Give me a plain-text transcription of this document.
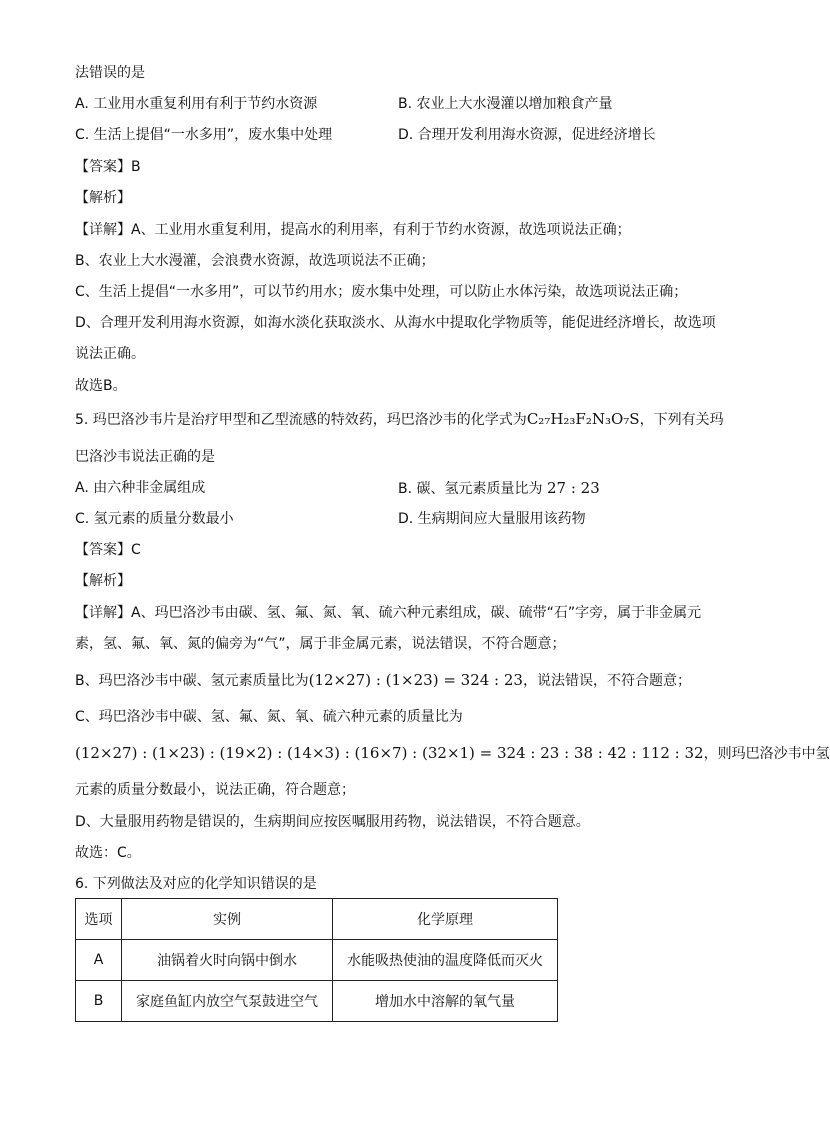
法错误的是
A. 工业用水重复利用有利于节约水资源	B. 农业上大水漫灌以增加粮食产量
C. 生活上提倡“一水多用”，废水集中处理	D. 合理开发利用海水资源，促进经济增长
【答案】B
【解析】
【详解】A、工业用水重复利用，提高水的利用率，有利于节约水资源，故选项说法正确；
B、农业上大水漫灌，会浪费水资源，故选项说法不正确；
C、生活上提倡“一水多用”，可以节约用水；废水集中处理，可以防止水体污染，故选项说法正确；
D、合理开发利用海水资源，如海水淡化获取淡水、从海水中提取化学物质等，能促进经济增长，故选项
说法正确。
故选B。
5. 玛巴洛沙韦片是治疗甲型和乙型流感的特效药，玛巴洛沙韦的化学式为C₂₇H₂₃F₂N₃O₇S，下列有关玛
巴洛沙韦说法正确的是
A. 由六种非金属组成	B. 碳、氢元素质量比为 27 : 23
C. 氢元素的质量分数最小	D. 生病期间应大量服用该药物
【答案】C
【解析】
【详解】A、玛巴洛沙韦由碳、氢、氟、氮、氧、硫六种元素组成，碳、硫带“石”字旁，属于非金属元
素，氢、氟、氧、氮的偏旁为“气”，属于非金属元素，说法错误，不符合题意；
B、玛巴洛沙韦中碳、氢元素质量比为(12×27) : (1×23) = 324 : 23，说法错误，不符合题意；
C、玛巴洛沙韦中碳、氢、氟、氮、氧、硫六种元素的质量比为
(12×27) : (1×23) : (19×2) : (14×3) : (16×7) : (32×1) = 324 : 23 : 38 : 42 : 112 : 32，则玛巴洛沙韦中氢
元素的质量分数最小，说法正确，符合题意；
D、大量服用药物是错误的，生病期间应按医嘱服用药物，说法错误，不符合题意。
故选：C。
6. 下列做法及对应的化学知识错误的是
选项	实例	化学原理
A	油锅着火时向锅中倒水	水能吸热使油的温度降低而灭火
B	家庭鱼缸内放空气泵鼓进空气	增加水中溶解的氧气量
